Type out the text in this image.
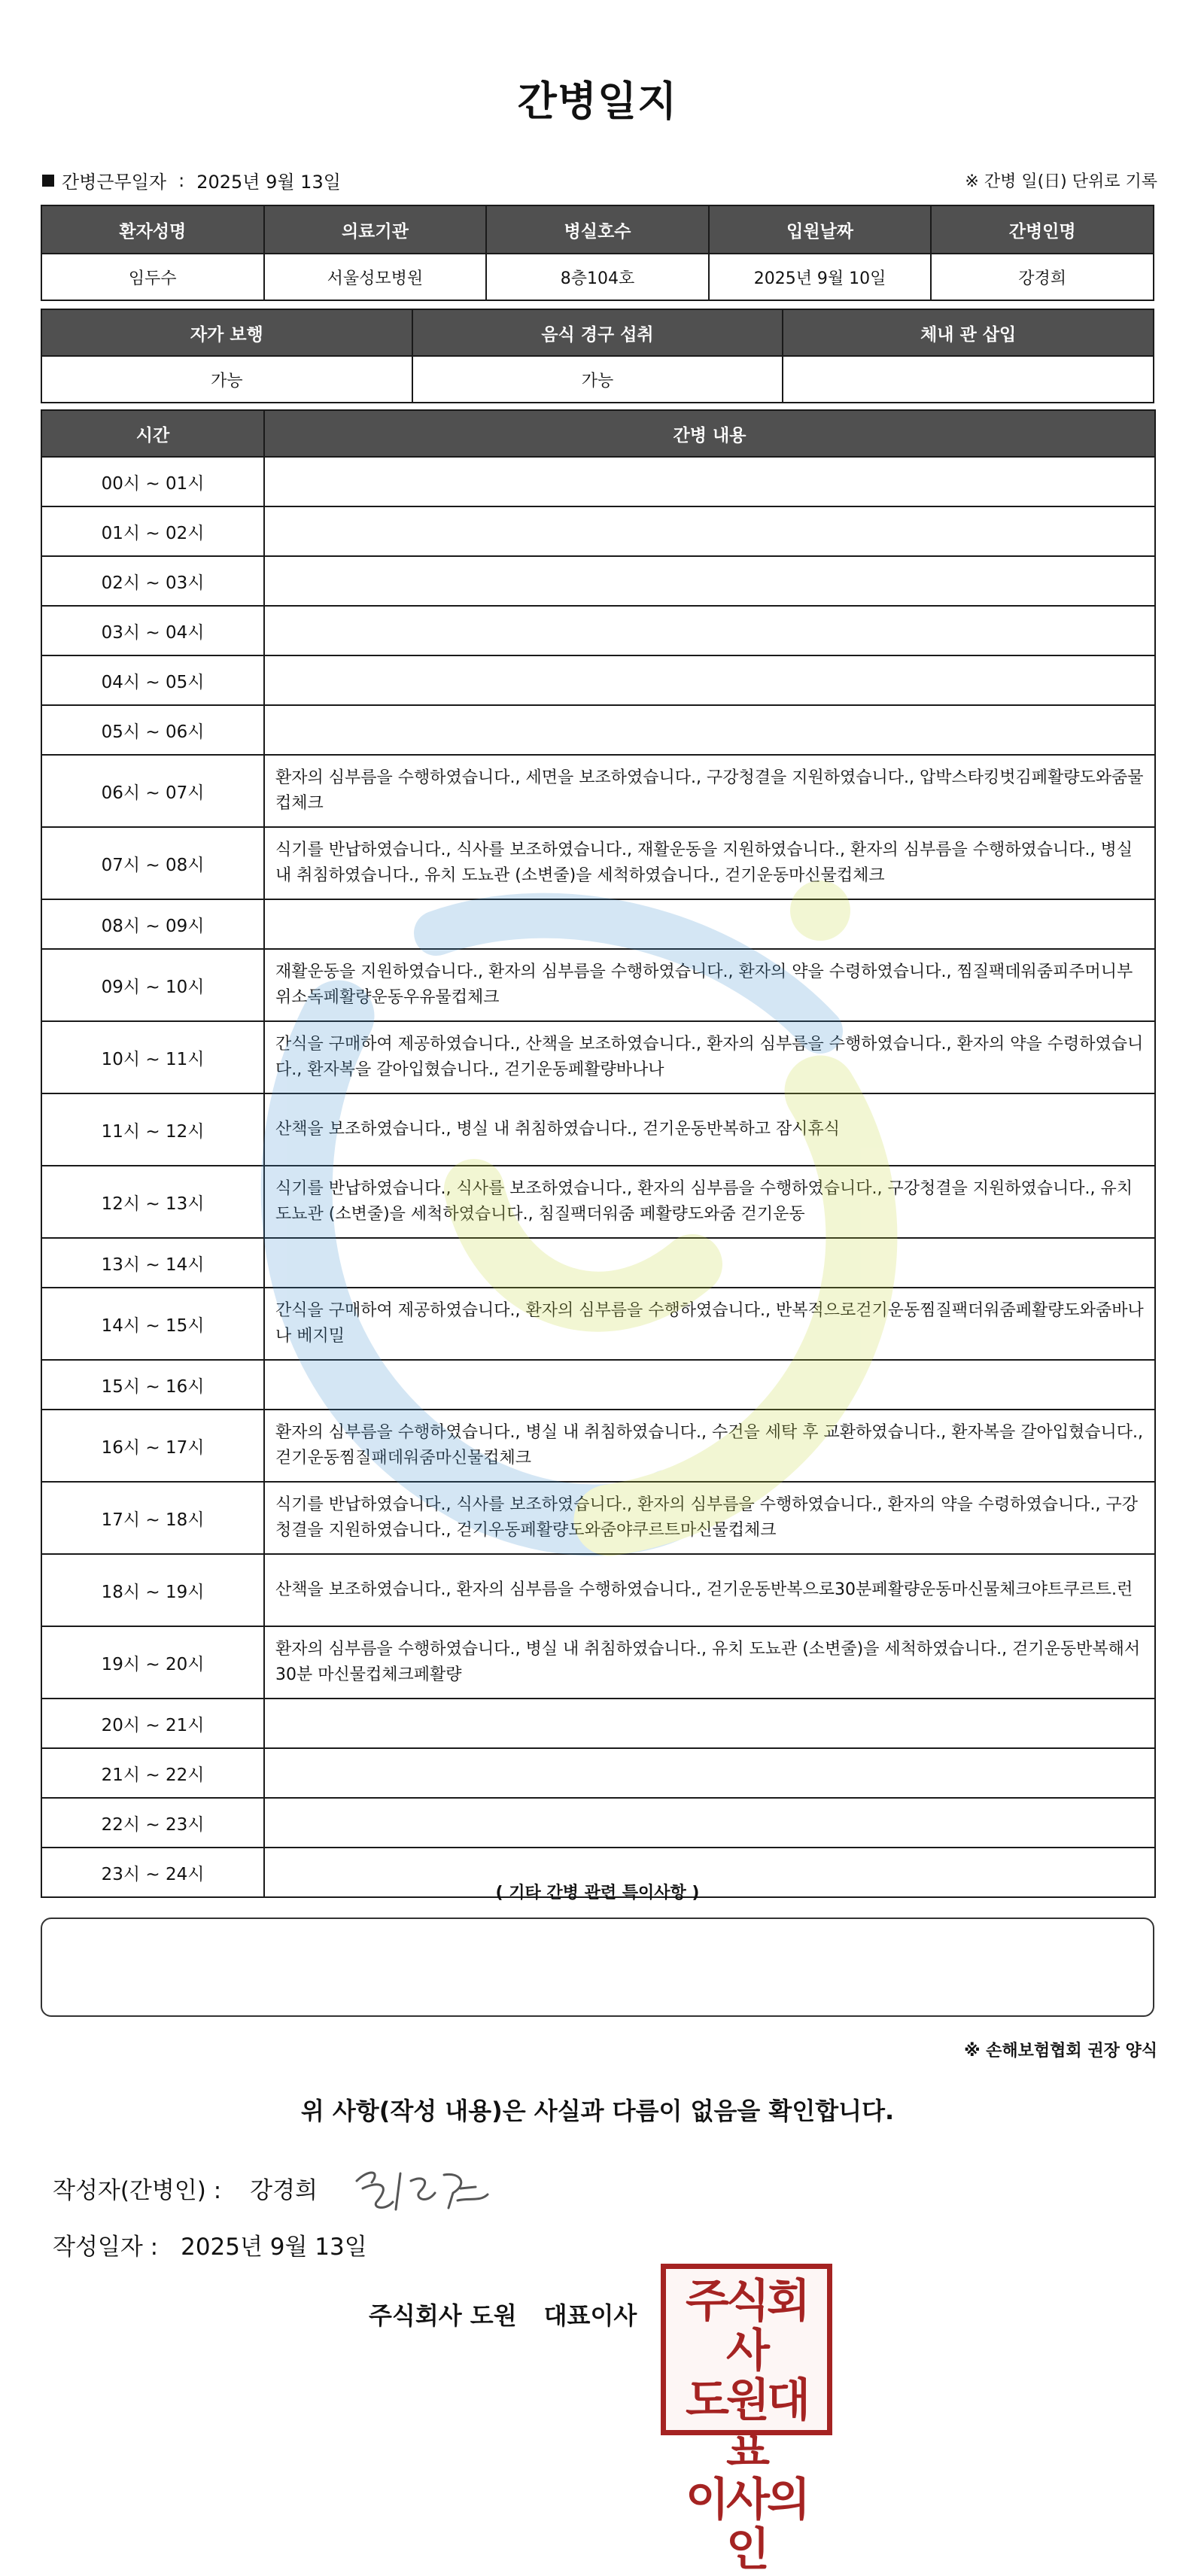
간병일지
간병근무일자 : 2025년 9월 13일	※ 간병 일(日) 단위로 기록
환자성명	의료기관	병실호수	입원날짜	간병인명
임두수	서울성모병원	8층104호	2025년 9월 10일	강경희
자가 보행	음식 경구 섭취	체내 관 삽입
가능	가능	
시간	간병 내용
00시 ~ 01시	
01시 ~ 02시	
02시 ~ 03시	
03시 ~ 04시	
04시 ~ 05시	
05시 ~ 06시	
06시 ~ 07시	환자의 심부름을 수행하였습니다., 세면을 보조하였습니다., 구강청결을 지원하였습니다., 압박스타킹벗김페활량도와줌물컵체크
07시 ~ 08시	식기를 반납하였습니다., 식사를 보조하였습니다., 재활운동을 지원하였습니다., 환자의 심부름을 수행하였습니다., 병실 내 취침하였습니다., 유치 도뇨관 (소변줄)을 세척하였습니다., 걷기운동마신물컵체크
08시 ~ 09시	
09시 ~ 10시	재활운동을 지원하였습니다., 환자의 심부름을 수행하였습니다., 환자의 약을 수령하였습니다., 찜질팩데워줌피주머니부위소독페활량운동우유물컵체크
10시 ~ 11시	간식을 구매하여 제공하였습니다., 산책을 보조하였습니다., 환자의 심부름을 수행하였습니다., 환자의 약을 수령하였습니다., 환자복을 갈아입혔습니다., 걷기운동페활량바나나
11시 ~ 12시	산책을 보조하였습니다., 병실 내 취침하였습니다., 걷기운동반복하고 잠시휴식
12시 ~ 13시	식기를 반납하였습니다., 식사를 보조하였습니다., 환자의 심부름을 수행하였습니다., 구강청결을 지원하였습니다., 유치 도뇨관 (소변줄)을 세척하였습니다., 침질팩더워줌 페활량도와줌 걷기운동
13시 ~ 14시	
14시 ~ 15시	간식을 구매하여 제공하였습니다., 환자의 심부름을 수행하였습니다., 반복적으로걷기운동찜질팩더워줌페활량도와줌바나나 베지밀
15시 ~ 16시	
16시 ~ 17시	환자의 심부름을 수행하였습니다., 병실 내 취침하였습니다., 수건을 세탁 후 교환하였습니다., 환자복을 갈아입혔습니다., 걷기운동찜질패데워줌마신물컵체크
17시 ~ 18시	식기를 반납하였습니다., 식사를 보조하였습니다., 환자의 심부름을 수행하였습니다., 환자의 약을 수령하였습니다., 구강청결을 지원하였습니다., 걷기우동페활량도와줌야쿠르트마신물컵체크
18시 ~ 19시	산책을 보조하였습니다., 환자의 심부름을 수행하였습니다., 걷기운동반복으로30분페활량운동마신물체크야트쿠르트.런
19시 ~ 20시	환자의 심부름을 수행하였습니다., 병실 내 취침하였습니다., 유치 도뇨관 (소변줄)을 세척하였습니다., 걷기운동반복해서30분 마신물컵체크페활량
20시 ~ 21시	
21시 ~ 22시	
22시 ~ 23시	
23시 ~ 24시	
( 기타 간병 관련 특이사항 )
※ 손해보험협회 권장 양식
위 사항(작성 내용)은 사실과 다름이 없음을 확인합니다.
작성자(간병인) : 강경희
작성일자 : 2025년 9월 13일
주식회사 도원 대표이사	주식회사
도원대표
이사의인
